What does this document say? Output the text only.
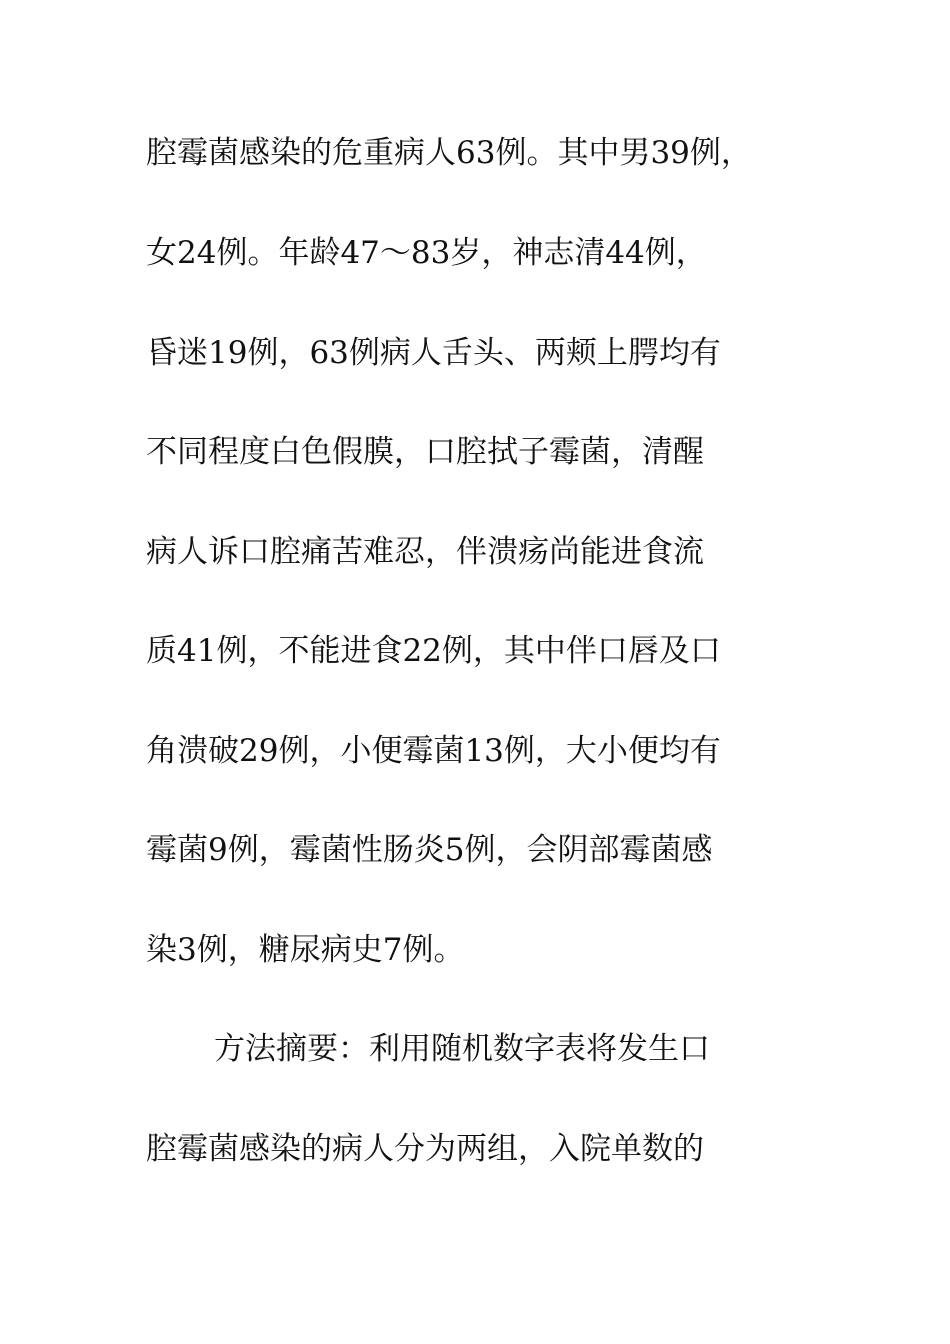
腔霉菌感染的危重病人63例。其中男39例，
女24例。年龄47～83岁，神志清44例，
昏迷19例，63例病人舌头、两颊上腭均有
不同程度白色假膜，口腔拭子霉菌，清醒
病人诉口腔痛苦难忍，伴溃疡尚能进食流
质41例，不能进食22例，其中伴口唇及口
角溃破29例，小便霉菌13例，大小便均有
霉菌9例，霉菌性肠炎5例，会阴部霉菌感
染3例，糖尿病史7例。
方法摘要：利用随机数字表将发生口
腔霉菌感染的病人分为两组，入院单数的
